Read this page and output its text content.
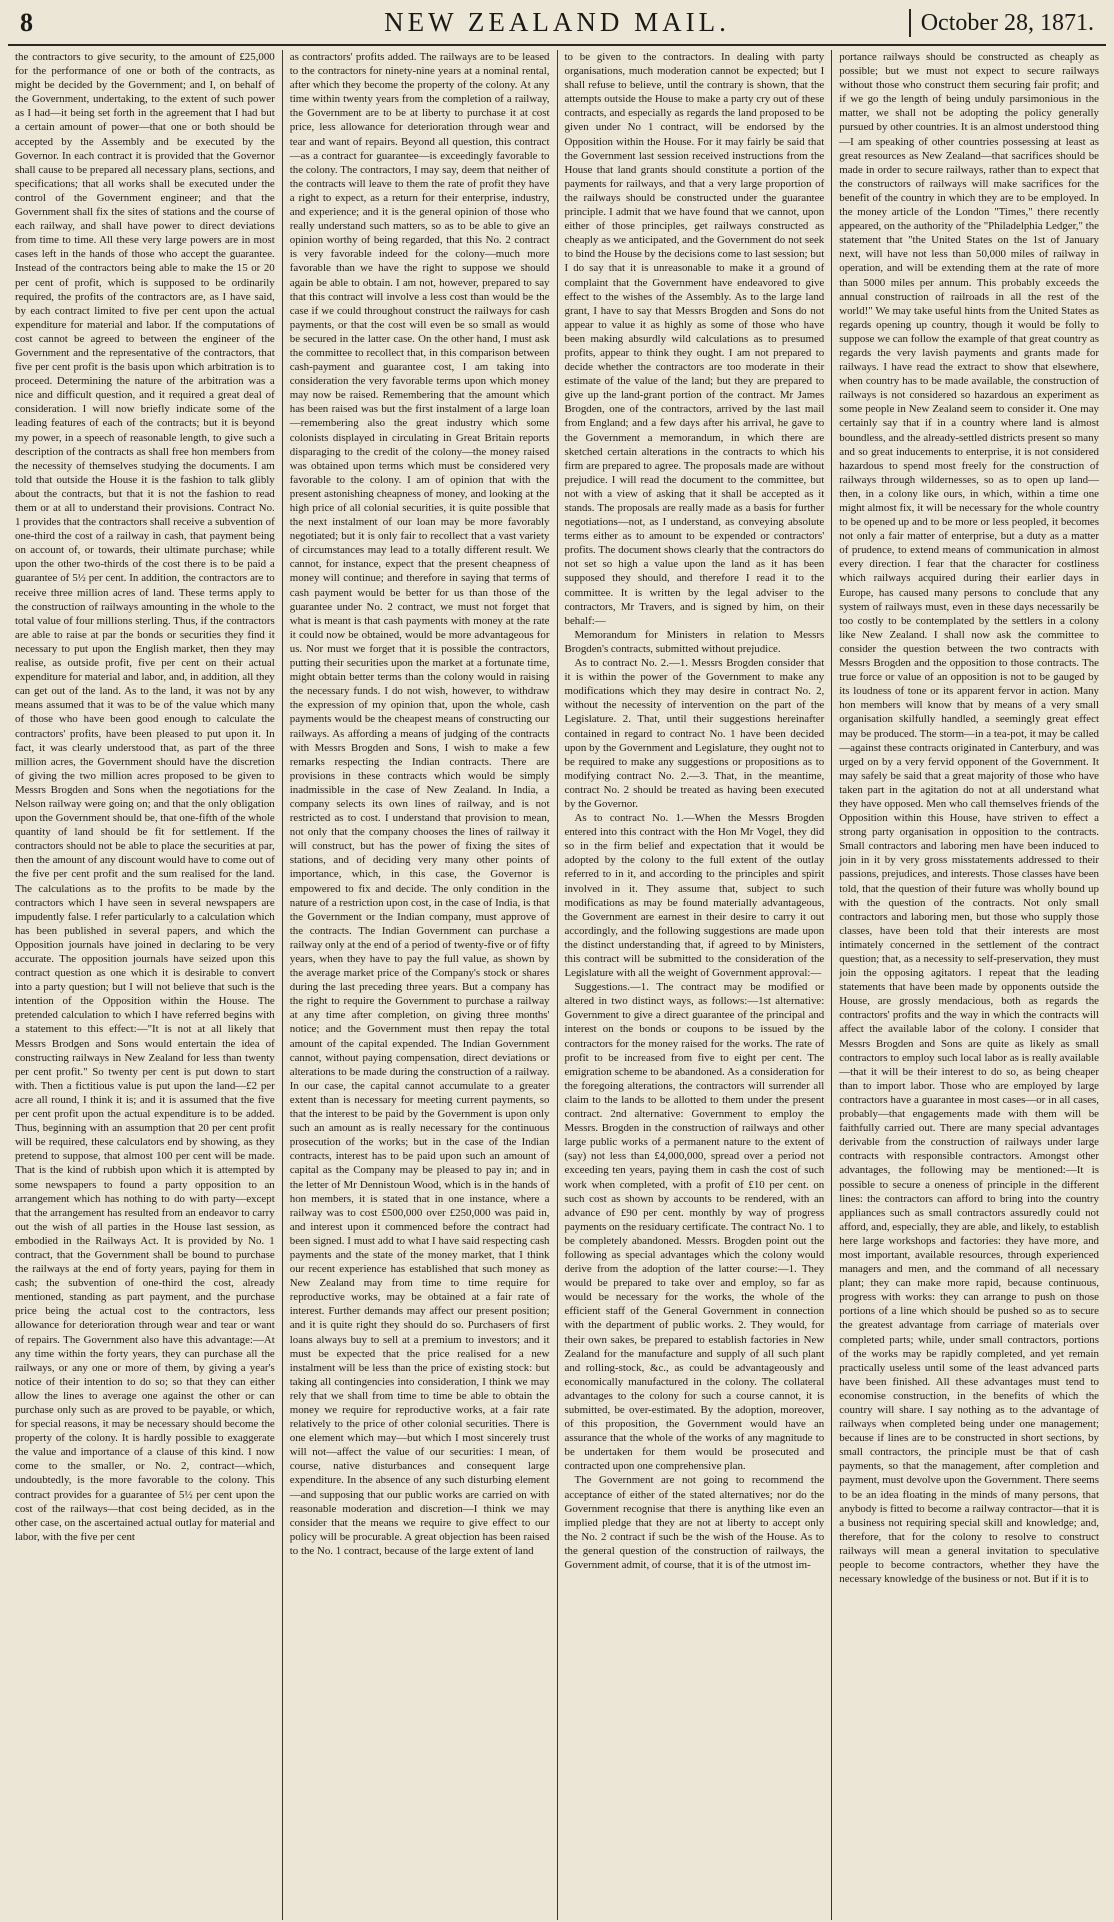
8	NEW ZEALAND MAIL.	October 28, 1871.

the contractors to give security, to the amount of £25,000 for the performance of one or both of the contracts, as might be decided by the Government; and I, on behalf of the Government, undertaking, to the extent of such power as I had—it being set forth in the agreement that I had but a certain amount of power—that one or both should be accepted by the Assembly and be executed by the Governor. In each contract it is provided that the Governor shall cause to be prepared all necessary plans, sections, and specifications; that all works shall be executed under the control of the Government engineer; and that the Government shall fix the sites of stations and the course of each railway, and shall have power to direct deviations from time to time. All these very large powers are in most cases left in the hands of those who accept the guarantee. Instead of the contractors being able to make the 15 or 20 per cent of profit, which is supposed to be ordinarily required, the profits of the contractors are, as I have said, by each contract limited to five per cent upon the actual expenditure for material and labor. If the computations of cost cannot be agreed to between the engineer of the Government and the representative of the contractors, that five per cent profit is the basis upon which arbitration is to proceed. Determining the nature of the arbitration was a nice and difficult question, and it required a great deal of consideration. I will now briefly indicate some of the leading features of each of the contracts; but it is beyond my power, in a speech of reasonable length, to give such a description of the contracts as shall free hon members from the necessity of themselves studying the documents. I am told that outside the House it is the fashion to talk glibly about the contracts, but that it is not the fashion to read them or at all to understand their provisions. Contract No. 1 provides that the contractors shall receive a subvention of one-third the cost of a railway in cash, that payment being on account of, or towards, their ultimate purchase; while upon the other two-thirds of the cost there is to be paid a guarantee of 5½ per cent. In addition, the contractors are to receive three million acres of land. These terms apply to the construction of railways amounting in the whole to the total value of four millions sterling. Thus, if the contractors are able to raise at par the bonds or securities they find it necessary to put upon the English market, then they may realise, as outside profit, five per cent on their actual expenditure for material and labor, and, in addition, all they can get out of the land. As to the land, it was not by any means assumed that it was to be of the value which many of those who have been good enough to calculate the contractors' profits, have been pleased to put upon it. In fact, it was clearly understood that, as part of the three million acres, the Government should have the discretion of giving the two million acres proposed to be given to Messrs Brogden and Sons when the negotiations for the Nelson railway were going on; and that the only obligation upon the Government should be, that one-fifth of the whole quantity of land should be fit for settlement. If the contractors should not be able to place the securities at par, then the amount of any discount would have to come out of the five per cent profit and the sum realised for the land. The calculations as to the profits to be made by the contractors which I have seen in several newspapers are impudently false. I refer particularly to a calculation which has been published in several papers, and which the Opposition journals have joined in declaring to be very accurate. The opposition journals have seized upon this contract question as one which it is desirable to convert into a party question; but I will not believe that such is the intention of the Opposition within the House. The pretended calculation to which I have referred begins with a statement to this effect:—"It is not at all likely that Messrs Brodgen and Sons would entertain the idea of constructing railways in New Zealand for less than twenty per cent profit." So twenty per cent is put down to start with. Then a fictitious value is put upon the land—£2 per acre all round, I think it is; and it is assumed that the five per cent profit upon the actual expenditure is to be added. Thus, beginning with an assumption that 20 per cent profit will be required, these calculators end by showing, as they pretend to suppose, that almost 100 per cent will be made. That is the kind of rubbish upon which it is attempted by some newspapers to found a party opposition to an arrangement which has nothing to do with party—except that the arrangement has resulted from an endeavor to carry out the wish of all parties in the House last session, as embodied in the Railways Act. It is provided by No. 1 contract, that the Government shall be bound to purchase the railways at the end of forty years, paying for them in cash; the subvention of one-third the cost, already mentioned, standing as part payment, and the purchase price being the actual cost to the contractors, less allowance for deterioration through wear and tear or want of repairs. The Government also have this advantage:—At any time within the forty years, they can purchase all the railways, or any one or more of them, by giving a year's notice of their intention to do so; so that they can either allow the lines to average one against the other or can purchase only such as are proved to be payable, or which, for special reasons, it may be necessary should become the property of the colony. It is hardly possible to exaggerate the value and importance of a clause of this kind. I now come to the smaller, or No. 2, contract—which, undoubtedly, is the more favorable to the colony. This contract provides for a guarantee of 5½ per cent upon the cost of the railways—that cost being decided, as in the other case, on the ascertained actual outlay for material and labor, with the five per cent

as contractors' profits added. The railways are to be leased to the contractors for ninety-nine years at a nominal rental, after which they become the property of the colony. At any time within twenty years from the completion of a railway, the Government are to be at liberty to purchase it at cost price, less allowance for deterioration through wear and tear and want of repairs. Beyond all question, this contract—as a contract for guarantee—is exceedingly favorable to the colony. The contractors, I may say, deem that neither of the contracts will leave to them the rate of profit they have a right to expect, as a return for their enterprise, industry, and experience; and it is the general opinion of those who really understand such matters, so as to be able to give an opinion worthy of being regarded, that this No. 2 contract is very favorable indeed for the colony—much more favorable than we have the right to suppose we should again be able to obtain. I am not, however, prepared to say that this contract will involve a less cost than would be the case if we could throughout construct the railways for cash payments, or that the cost will even be so small as would be secured in the latter case. On the other hand, I must ask the committee to recollect that, in this comparison between cash-payment and guarantee cost, I am taking into consideration the very favorable terms upon which money may now be raised. Remembering that the amount which has been raised was but the first instalment of a large loan—remembering also the great industry which some colonists displayed in circulating in Great Britain reports disparaging to the credit of the colony—the money raised was obtained upon terms which must be considered very favorable to the colony. I am of opinion that with the present astonishing cheapness of money, and looking at the high price of all colonial securities, it is quite possible that the next instalment of our loan may be more favorably negotiated; but it is only fair to recollect that a vast variety of circumstances may lead to a totally different result. We cannot, for instance, expect that the present cheapness of money will continue; and therefore in saying that terms of cash payment would be better for us than those of the guarantee under No. 2 contract, we must not forget that what is meant is that cash payments with money at the rate it could now be obtained, would be more advantageous for us. Nor must we forget that it is possible the contractors, putting their securities upon the market at a fortunate time, might obtain better terms than the colony would in raising the necessary funds. I do not wish, however, to withdraw the expression of my opinion that, upon the whole, cash payments would be the cheapest means of constructing our railways. As affording a means of judging of the contracts with Messrs Brogden and Sons, I wish to make a few remarks respecting the Indian contracts. There are provisions in these contracts which would be simply inadmissible in the case of New Zealand. In India, a company selects its own lines of railway, and is not restricted as to cost. I understand that provision to mean, not only that the company chooses the lines of railway it will construct, but has the power of fixing the sites of stations, and of deciding very many other points of importance, which, in this case, the Governor is empowered to fix and decide. The only condition in the nature of a restriction upon cost, in the case of India, is that the Government or the Indian company, must approve of the contracts. The Indian Government can purchase a railway only at the end of a period of twenty-five or of fifty years, when they have to pay the full value, as shown by the average market price of the Company's stock or shares during the last preceding three years. But a company has the right to require the Government to purchase a railway at any time after completion, on giving three months' notice; and the Government must then repay the total amount of the capital expended. The Indian Government cannot, without paying compensation, direct deviations or alterations to be made during the construction of a railway. In our case, the capital cannot accumulate to a greater extent than is necessary for meeting current payments, so that the interest to be paid by the Government is upon only such an amount as is really necessary for the continuous prosecution of the works; but in the case of the Indian contracts, interest has to be paid upon such an amount of capital as the Company may be pleased to pay in; and in the letter of Mr Dennistoun Wood, which is in the hands of hon members, it is stated that in one instance, where a railway was to cost £500,000 over £250,000 was paid in, and interest upon it commenced before the contract had been signed. I must add to what I have said respecting cash payments and the state of the money market, that I think our recent experience has established that such money as New Zealand may from time to time require for reproductive works, may be obtained at a fair rate of interest. Further demands may affect our present position; and it is quite right they should do so. Purchasers of first loans always buy to sell at a premium to investors; and it must be expected that the price realised for a new instalment will be less than the price of existing stock: but taking all contingencies into consideration, I think we may rely that we shall from time to time be able to obtain the money we require for reproductive works, at a fair rate relatively to the price of other colonial securities. There is one element which may—but which I most sincerely trust will not—affect the value of our securities: I mean, of course, native disturbances and consequent large expenditure. In the absence of any such disturbing element—and supposing that our public works are carried on with reasonable moderation and discretion—I think we may consider that the means we require to give effect to our policy will be procurable. A great objection has been raised to the No. 1 contract, because of the large extent of land

to be given to the contractors. In dealing with party organisations, much moderation cannot be expected; but I shall refuse to believe, until the contrary is shown, that the attempts outside the House to make a party cry out of these contracts, and especially as regards the land proposed to be given under No 1 contract, will be endorsed by the Opposition within the House. For it may fairly be said that the Government last session received instructions from the House that land grants should constitute a portion of the payments for railways, and that a very large proportion of the railways should be constructed under the guarantee principle. I admit that we have found that we cannot, upon either of those principles, get railways constructed as cheaply as we anticipated, and the Government do not seek to bind the House by the decisions come to last session; but I do say that it is unreasonable to make it a ground of complaint that the Government have endeavored to give effect to the wishes of the Assembly. As to the large land grant, I have to say that Messrs Brogden and Sons do not appear to value it as highly as some of those who have been making absurdly wild calculations as to presumed profits, appear to think they ought. I am not prepared to decide whether the contractors are too moderate in their estimate of the value of the land; but they are prepared to give up the land-grant portion of the contract. Mr James Brogden, one of the contractors, arrived by the last mail from England; and a few days after his arrival, he gave to the Government a memorandum, in which there are sketched certain alterations in the contracts to which his firm are prepared to agree. The proposals made are without prejudice. I will read the document to the committee, but not with a view of asking that it shall be accepted as it stands. The proposals are really made as a basis for further negotiations—not, as I understand, as conveying absolute terms either as to amount to be expended or contractors' profits. The document shows clearly that the contractors do not set so high a value upon the land as it has been supposed they should, and therefore I read it to the committee. It is written by the legal adviser to the contractors, Mr Travers, and is signed by him, on their behalf:—

Memorandum for Ministers in relation to Messrs Brogden's contracts, submitted without prejudice.

As to contract No. 2.—1. Messrs Brogden consider that it is within the power of the Government to make any modifications which they may desire in contract No. 2, without the necessity of intervention on the part of the Legislature. 2. That, until their suggestions hereinafter contained in regard to contract No. 1 have been decided upon by the Government and Legislature, they ought not to be required to make any suggestions or propositions as to modifying contract No. 2.—3. That, in the meantime, contract No. 2 should be treated as having been executed by the Governor.

As to contract No. 1.—When the Messrs Brogden entered into this contract with the Hon Mr Vogel, they did so in the firm belief and expectation that it would be adopted by the colony to the full extent of the outlay referred to in it, and according to the principles and spirit involved in it. They assume that, subject to such modifications as may be found materially advantageous, the Government are earnest in their desire to carry it out accordingly, and the following suggestions are made upon the distinct understanding that, if agreed to by Ministers, this contract will be submitted to the consideration of the Legislature with all the weight of Government approval:—

Suggestions.—1. The contract may be modified or altered in two distinct ways, as follows:—1st alternative: Government to give a direct guarantee of the principal and interest on the bonds or coupons to be issued by the contractors for the money raised for the works. The rate of profit to be increased from five to eight per cent. The emigration scheme to be abandoned. As a consideration for the foregoing alterations, the contractors will surrender all claim to the lands to be allotted to them under the present contract. 2nd alternative: Government to employ the Messrs. Brogden in the construction of railways and other large public works of a permanent nature to the extent of (say) not less than £4,000,000, spread over a period not exceeding ten years, paying them in cash the cost of such work when completed, with a profit of £10 per cent. on such cost as shown by accounts to be rendered, with an advance of £90 per cent. monthly by way of progress payments on the residuary certificate. The contract No. 1 to be completely abandoned. Messrs. Brogden point out the following as special advantages which the colony would derive from the adoption of the latter course:—1. They would be prepared to take over and employ, so far as would be necessary for the works, the whole of the efficient staff of the General Government in connection with the department of public works. 2. They would, for their own sakes, be prepared to establish factories in New Zealand for the manufacture and supply of all such plant and rolling-stock, &c., as could be advantageously and economically manufactured in the colony. The collateral advantages to the colony for such a course cannot, it is submitted, be over-estimated. By the adoption, moreover, of this proposition, the Government would have an assurance that the whole of the works of any magnitude to be undertaken for them would be prosecuted and contracted upon one comprehensive plan.

The Government are not going to recommend the acceptance of either of the stated alternatives; nor do the Government recognise that there is anything like even an implied pledge that they are not at liberty to accept only the No. 2 contract if such be the wish of the House. As to the general question of the construction of railways, the Government admit, of course, that it is of the utmost im-

portance railways should be constructed as cheaply as possible; but we must not expect to secure railways without those who construct them securing fair profit; and if we go the length of being unduly parsimonious in the matter, we shall not be adopting the policy generally pursued by other countries. It is an almost understood thing—I am speaking of other countries possessing at least as great resources as New Zealand—that sacrifices should be made in order to secure railways, rather than to expect that the constructors of railways will make sacrifices for the benefit of the country in which they are to be employed. In the money article of the London "Times," there recently appeared, on the authority of the "Philadelphia Ledger," the statement that "the United States on the 1st of January next, will have not less than 50,000 miles of railway in operation, and will be extending them at the rate of more than 5000 miles per annum. This probably exceeds the annual construction of railroads in all the rest of the world!" We may take useful hints from the United States as regards opening up country, though it would be folly to suppose we can follow the example of that great country as regards the very lavish payments and grants made for railways. I have read the extract to show that elsewhere, when country has to be made available, the construction of railways is not considered so hazardous an experiment as some people in New Zealand seem to consider it. One may certainly say that if in a country where land is almost boundless, and the already-settled districts present so many and so great inducements to enterprise, it is not considered hazardous to spend most freely for the construction of railways through wildernesses, so as to open up land—then, in a colony like ours, in which, within a time one might almost fix, it will be necessary for the whole country to be opened up and to be more or less peopled, it becomes not only a fair matter of enterprise, but a duty as a matter of prudence, to extend means of communication in almost every direction. I fear that the character for costliness which railways acquired during their earlier days in Europe, has caused many persons to conclude that any system of railways must, even in these days necessarily be too costly to be contemplated by the settlers in a colony like New Zealand. I shall now ask the committee to consider the question between the two contracts with Messrs Brogden and the opposition to those contracts. The true force or value of an opposition is not to be gauged by its loudness of tone or its apparent fervor in action. Many hon members will know that by means of a very small organisation skilfully handled, a seemingly great effect may be produced. The storm—in a tea-pot, it may be called—against these contracts originated in Canterbury, and was urged on by a very fervid opponent of the Government. It may safely be said that a great majority of those who have taken part in the agitation do not at all understand what they have opposed. Men who call themselves friends of the Opposition within this House, have striven to effect a strong party organisation in opposition to the contracts. Small contractors and laboring men have been induced to join in it by very gross misstatements addressed to their passions, prejudices, and interests. Those classes have been told, that the question of their future was wholly bound up with the question of the contracts. Not only small contractors and laboring men, but those who supply those classes, have been told that their interests are most intimately concerned in the settlement of the contract question; that, as a necessity to self-preservation, they must join the opposing agitators. I repeat that the leading statements that have been made by opponents outside the House, are grossly mendacious, both as regards the contractors' profits and the way in which the contracts will affect the available labor of the colony. I consider that Messrs Brogden and Sons are quite as likely as small contractors to employ such local labor as is really available—that it will be their interest to do so, as being cheaper than to import labor. Those who are employed by large contractors have a guarantee in most cases—or in all cases, probably—that engagements made with them will be faithfully carried out. There are many special advantages derivable from the construction of railways under large contracts with responsible contractors. Amongst other advantages, the following may be mentioned:—It is possible to secure a oneness of principle in the different lines: the contractors can afford to bring into the country appliances such as small contractors assuredly could not afford, and, especially, they are able, and likely, to establish here large workshops and factories: they have more, and most important, available resources, through experienced managers and men, and the command of all necessary plant; they can make more rapid, because continuous, progress with works: they can arrange to push on those portions of a line which should be pushed so as to secure the greatest advantage from carriage of materials over completed parts; while, under small contractors, portions of the works may be rapidly completed, and yet remain practically useless until some of the least advanced parts have been finished. All these advantages must tend to economise construction, in the benefits of which the country will share. I say nothing as to the advantage of railways when completed being under one management; because if lines are to be constructed in short sections, by small contractors, the principle must be that of cash payments, so that the management, after completion and payment, must devolve upon the Government. There seems to be an idea floating in the minds of many persons, that anybody is fitted to become a railway contractor—that it is a business not requiring special skill and knowledge; and, therefore, that for the colony to resolve to construct railways will mean a general invitation to speculative people to become contractors, whether they have the necessary knowledge of the business or not. But if it is to
